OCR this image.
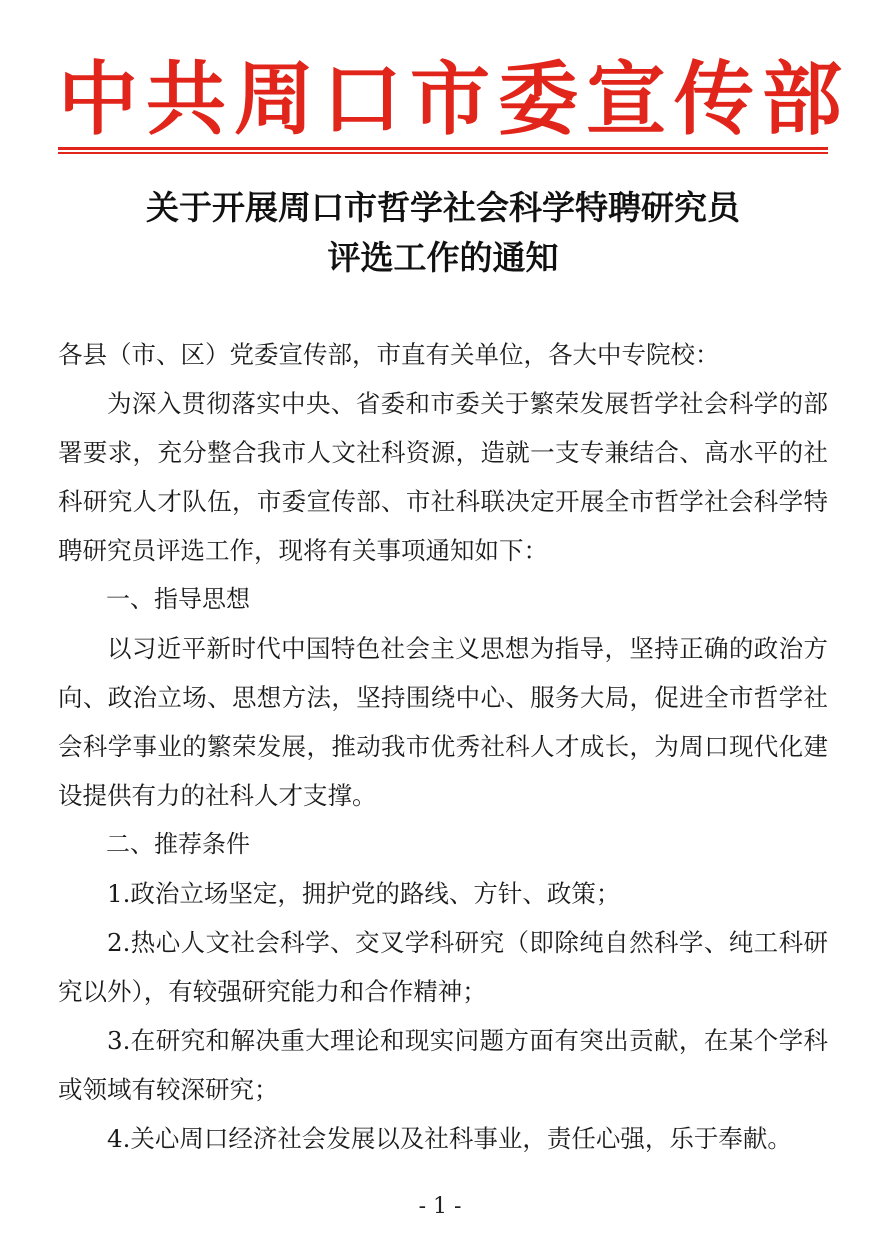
中共周口市委宣传部
关于开展周口市哲学社会科学特聘研究员
评选工作的通知

各县（市、区）党委宣传部，市直有关单位，各大中专院校：

为深入贯彻落实中央、省委和市委关于繁荣发展哲学社会科学的部署要求，充分整合我市人文社科资源，造就一支专兼结合、高水平的社科研究人才队伍，市委宣传部、市社科联决定开展全市哲学社会科学特聘研究员评选工作，现将有关事项通知如下：

一、指导思想

以习近平新时代中国特色社会主义思想为指导，坚持正确的政治方向、政治立场、思想方法，坚持围绕中心、服务大局，促进全市哲学社会科学事业的繁荣发展，推动我市优秀社科人才成长，为周口现代化建设提供有力的社科人才支撑。

二、推荐条件

1.政治立场坚定，拥护党的路线、方针、政策；

2.热心人文社会科学、交叉学科研究（即除纯自然科学、纯工科研究以外），有较强研究能力和合作精神；

3.在研究和解决重大理论和现实问题方面有突出贡献，在某个学科或领域有较深研究；

4.关心周口经济社会发展以及社科事业，责任心强，乐于奉献。

- 1 -
